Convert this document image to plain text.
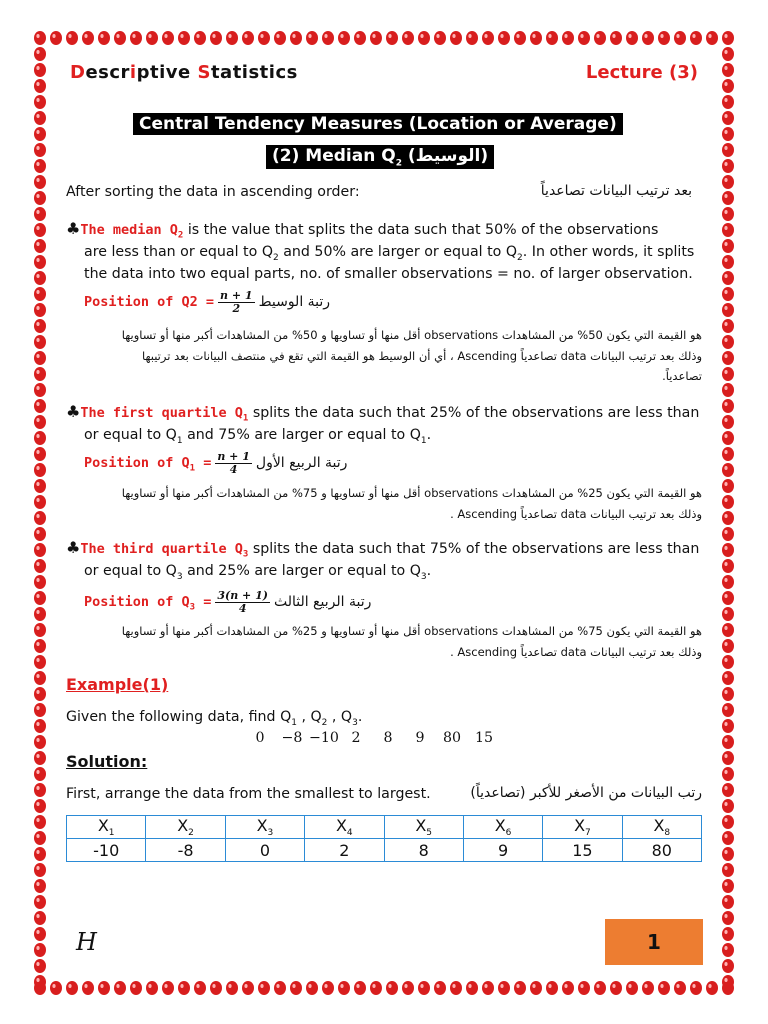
Descriptive Statistics	Lecture (3)
Central Tendency Measures (Location or Average)
(2) Median $Q_2$ (الوسيط)
After sorting the data in ascending order:	بعد ترتيب البيانات تصاعدياً
♣The median $Q_2$ is the value that splits the data such that 50% of the observations
are less than or equal to $Q_2$ and 50% are larger or equal to $Q_2$. In other words, it splits
the data into two equal parts, no. of smaller observations = no. of larger observation.
Position of $Q2 = \frac{n + 1}{2}$ رتبة الوسيط
هو القيمة التي يكون 50% من المشاهدات observations أقل منها أو تساويها و 50% من المشاهدات أكبر منها أو تساويها
وذلك بعد ترتيب البيانات data تصاعدياً Ascending ، أي أن الوسيط هو القيمة التي تقع في منتصف البيانات بعد ترتيبها
تصاعدياً.
♣The first quartile $Q_1$ splits the data such that 25% of the observations are less than
or equal to $Q_1$ and 75% are larger or equal to $Q_1$.
Position of $Q_1 = \frac{n + 1}{4}$ رتبة الربيع الأول
هو القيمة التي يكون 25% من المشاهدات observations أقل منها أو تساويها و 75% من المشاهدات أكبر منها أو تساويها
وذلك بعد ترتيب البيانات data تصاعدياً Ascending .
♣The third quartile $Q_3$ splits the data such that 75% of the observations are less than
or equal to $Q_3$ and 25% are larger or equal to $Q_3$.
Position of $Q_3 = \frac{3(n + 1)}{4}$ رتبة الربيع الثالث
هو القيمة التي يكون 75% من المشاهدات observations أقل منها أو تساويها و 25% من المشاهدات أكبر منها أو تساويها
وذلك بعد ترتيب البيانات data تصاعدياً Ascending .
Example(1)
Given the following data, find $Q_1$ , $Q_2$ , $Q_3$.
0 −8 −10 2 8 9 80 15
Solution:
First, arrange the data from the smallest to largest.	رتب البيانات من الأصغر للأكبر (تصاعدياً)
$X_1$	$X_2$	$X_3$	$X_4$	$X_5$	$X_6$	$X_7$	$X_8$
-10	-8	0	2	8	9	15	80
H	1
